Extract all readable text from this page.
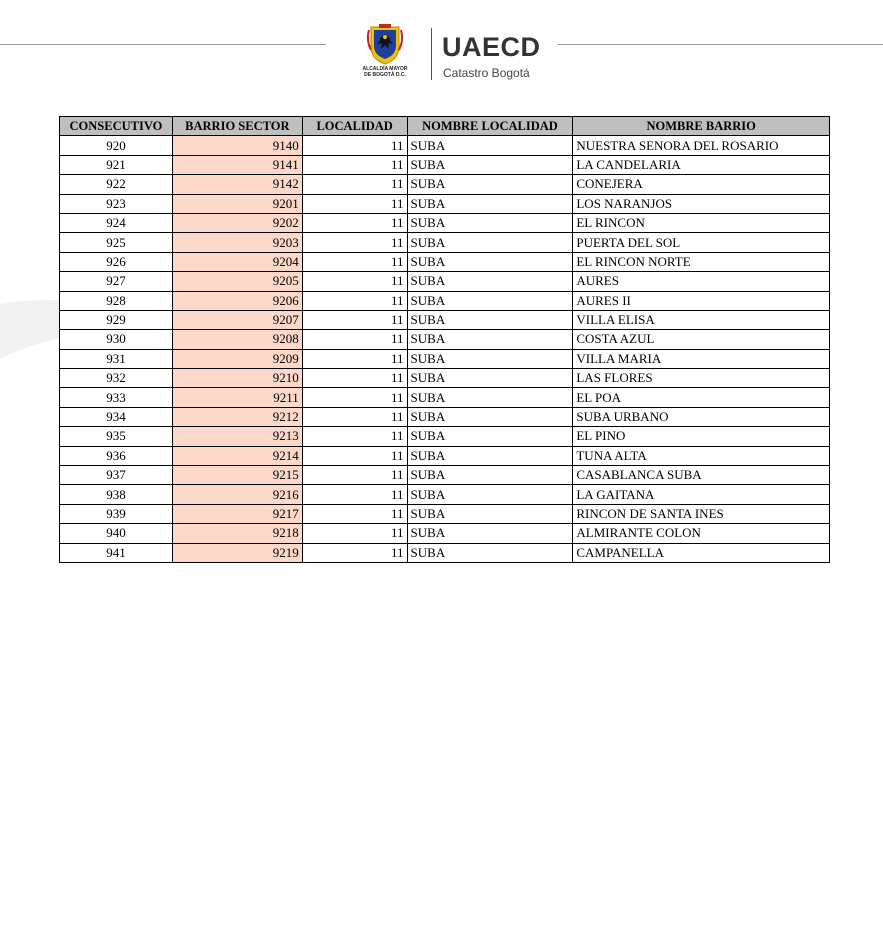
ALCALDÍA MAYOR
DE BOGOTÁ D.C.
UAECD
Catastro Bogotá
CONSECUTIVO	BARRIO SECTOR	LOCALIDAD	NOMBRE LOCALIDAD	NOMBRE BARRIO
920	9140	11	SUBA	NUESTRA SENORA DEL ROSARIO
921	9141	11	SUBA	LA CANDELARIA
922	9142	11	SUBA	CONEJERA
923	9201	11	SUBA	LOS NARANJOS
924	9202	11	SUBA	EL RINCON
925	9203	11	SUBA	PUERTA DEL SOL
926	9204	11	SUBA	EL RINCON NORTE
927	9205	11	SUBA	AURES
928	9206	11	SUBA	AURES II
929	9207	11	SUBA	VILLA ELISA
930	9208	11	SUBA	COSTA AZUL
931	9209	11	SUBA	VILLA MARIA
932	9210	11	SUBA	LAS FLORES
933	9211	11	SUBA	EL POA
934	9212	11	SUBA	SUBA URBANO
935	9213	11	SUBA	EL PINO
936	9214	11	SUBA	TUNA ALTA
937	9215	11	SUBA	CASABLANCA SUBA
938	9216	11	SUBA	LA GAITANA
939	9217	11	SUBA	RINCON DE SANTA INES
940	9218	11	SUBA	ALMIRANTE COLON
941	9219	11	SUBA	CAMPANELLA
